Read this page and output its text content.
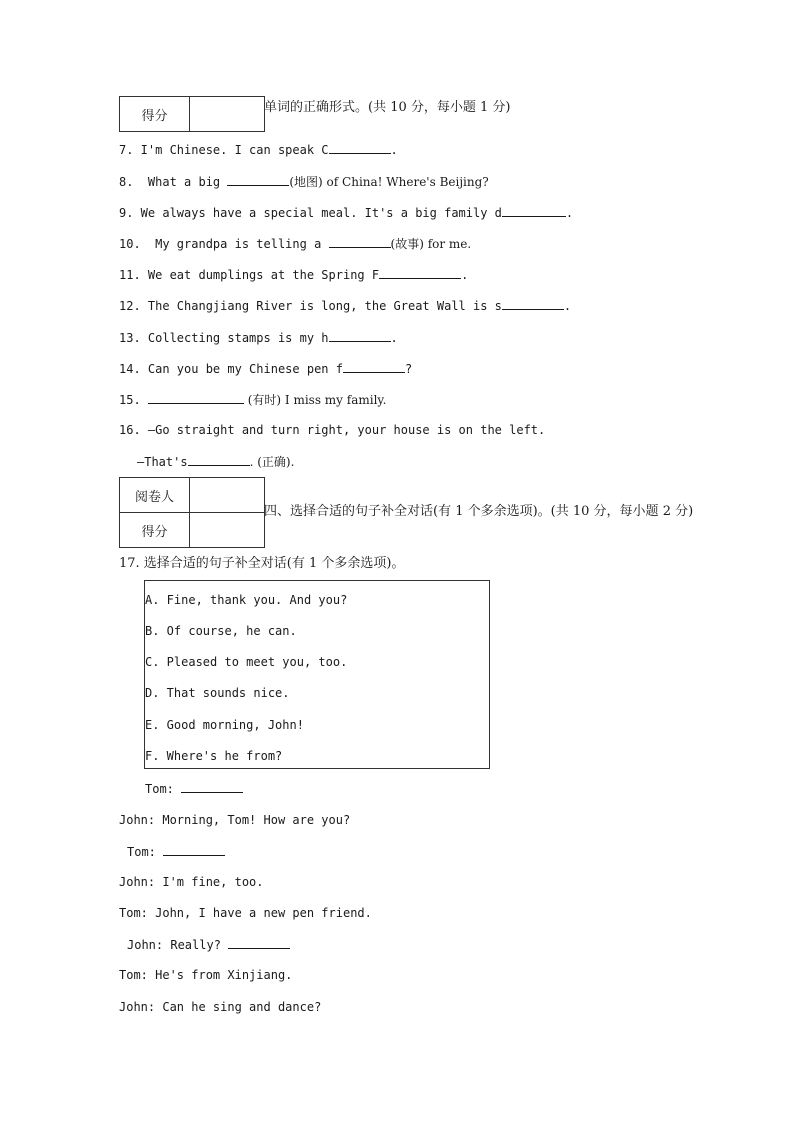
得分	
单词的正确形式。(共 10 分，每小题 1 分)
7. I'm Chinese. I can speak C	.
8.  What a big	(地图) of China! Where's Beijing?
9. We always have a special meal. It's a big family d	.
10.  My grandpa is telling a	(故事) for me.
11. We eat dumplings at the Spring F	.
12. The Changjiang River is long, the Great Wall is s	.
13. Collecting stamps is my h	.
14. Can you be my Chinese pen f	?
15.	(有时) I miss my family.
16. —Go straight and turn right, your house is on the left.
—That's	. (正确).
阅卷人	
得分	
四、选择合适的句子补全对话(有 1 个多余选项)。(共 10 分，每小题 2 分)
17. 选择合适的句子补全对话(有 1 个多余选项)。
A. Fine, thank you. And you?
B. Of course, he can.
C. Pleased to meet you, too.
D. That sounds nice.
E. Good morning, John!
F. Where's he from?
Tom:
John: Morning, Tom! How are you?
Tom:
John: I'm fine, too.
Tom: John, I have a new pen friend.
John: Really?
Tom: He's from Xinjiang.
John: Can he sing and dance?
